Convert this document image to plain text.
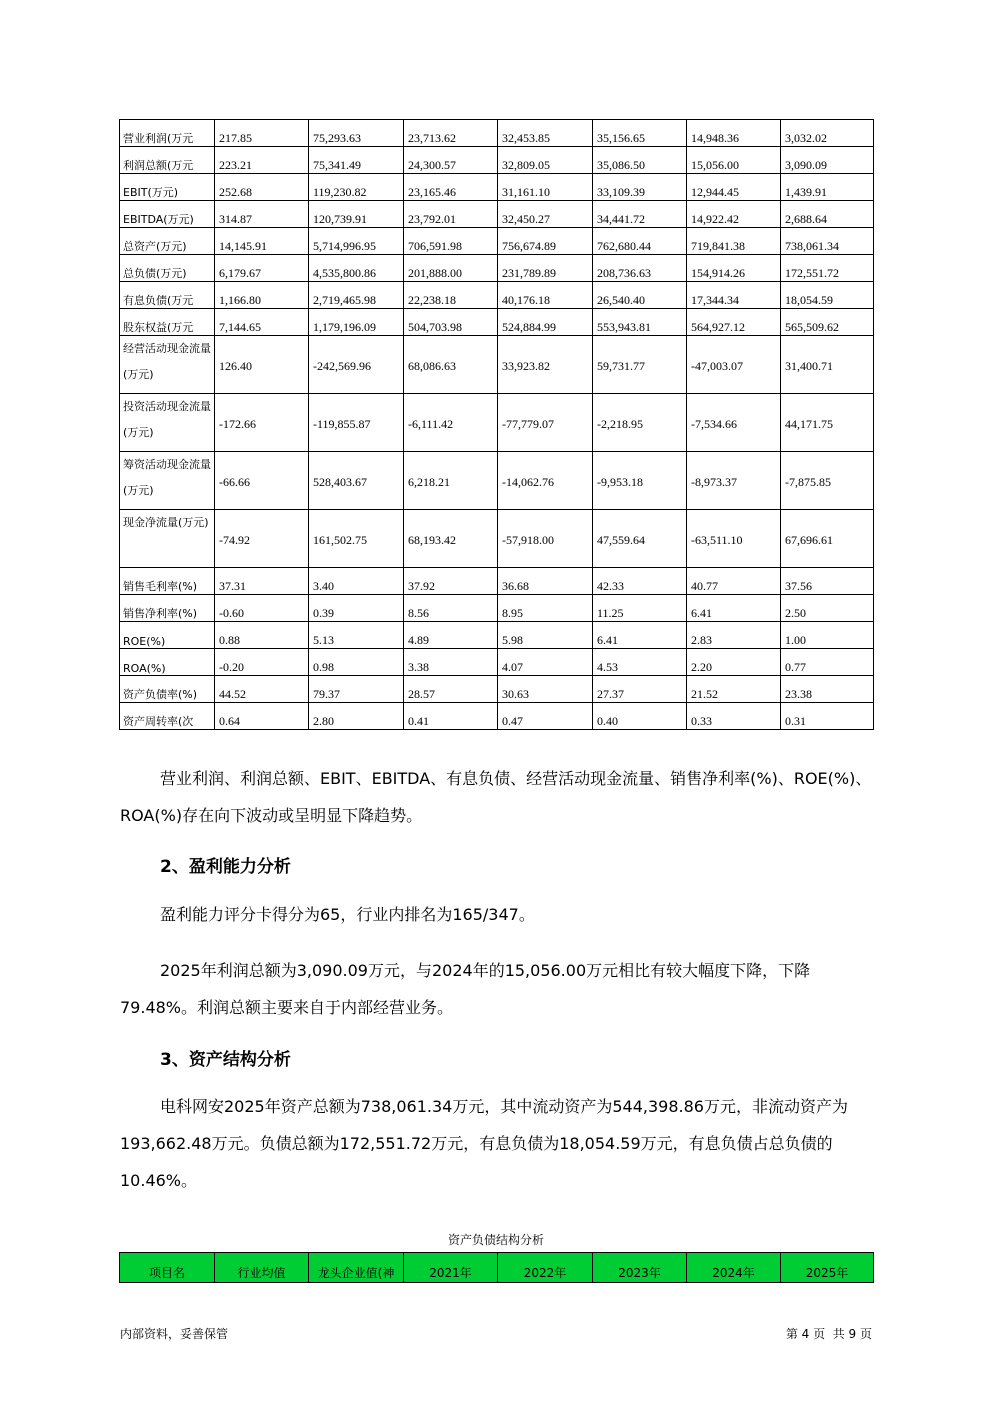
营业利润(万元	217.85	75,293.63	23,713.62	32,453.85	35,156.65	14,948.36	3,032.02
利润总额(万元	223.21	75,341.49	24,300.57	32,809.05	35,086.50	15,056.00	3,090.09
EBIT(万元)	252.68	119,230.82	23,165.46	31,161.10	33,109.39	12,944.45	1,439.91
EBITDA(万元)	314.87	120,739.91	23,792.01	32,450.27	34,441.72	14,922.42	2,688.64
总资产(万元)	14,145.91	5,714,996.95	706,591.98	756,674.89	762,680.44	719,841.38	738,061.34
总负债(万元)	6,179.67	4,535,800.86	201,888.00	231,789.89	208,736.63	154,914.26	172,551.72
有息负债(万元	1,166.80	2,719,465.98	22,238.18	40,176.18	26,540.40	17,344.34	18,054.59
股东权益(万元	7,144.65	1,179,196.09	504,703.98	524,884.99	553,943.81	564,927.12	565,509.62
经营活动现金流量(万元)	126.40	-242,569.96	68,086.63	33,923.82	59,731.77	-47,003.07	31,400.71
投资活动现金流量(万元)	-172.66	-119,855.87	-6,111.42	-77,779.07	-2,218.95	-7,534.66	44,171.75
筹资活动现金流量(万元)	-66.66	528,403.67	6,218.21	-14,062.76	-9,953.18	-8,973.37	-7,875.85
现金净流量(万元)	-74.92	161,502.75	68,193.42	-57,918.00	47,559.64	-63,511.10	67,696.61
销售毛利率(%)	37.31	3.40	37.92	36.68	42.33	40.77	37.56
销售净利率(%)	-0.60	0.39	8.56	8.95	11.25	6.41	2.50
ROE(%)	0.88	5.13	4.89	5.98	6.41	2.83	1.00
ROA(%)	-0.20	0.98	3.38	4.07	4.53	2.20	0.77
资产负债率(%)	44.52	79.37	28.57	30.63	27.37	21.52	23.38
资产周转率(次	0.64	2.80	0.41	0.47	0.40	0.33	0.31

营业利润、利润总额、EBIT、EBITDA、有息负债、经营活动现金流量、销售净利率(%)、ROE(%)、ROA(%)存在向下波动或呈明显下降趋势。

2、盈利能力分析

盈利能力评分卡得分为65，行业内排名为165/347。

2025年利润总额为3,090.09万元，与2024年的15,056.00万元相比有较大幅度下降，下降79.48%。利润总额主要来自于内部经营业务。

3、资产结构分析

电科网安2025年资产总额为738,061.34万元，其中流动资产为544,398.86万元，非流动资产为193,662.48万元。负债总额为172,551.72万元，有息负债为18,054.59万元，有息负债占总负债的10.46%。

资产负债结构分析
项目名	行业均值	龙头企业值(神	2021年	2022年	2023年	2024年	2025年
内部资料，妥善保管	第 4 页  共 9 页
